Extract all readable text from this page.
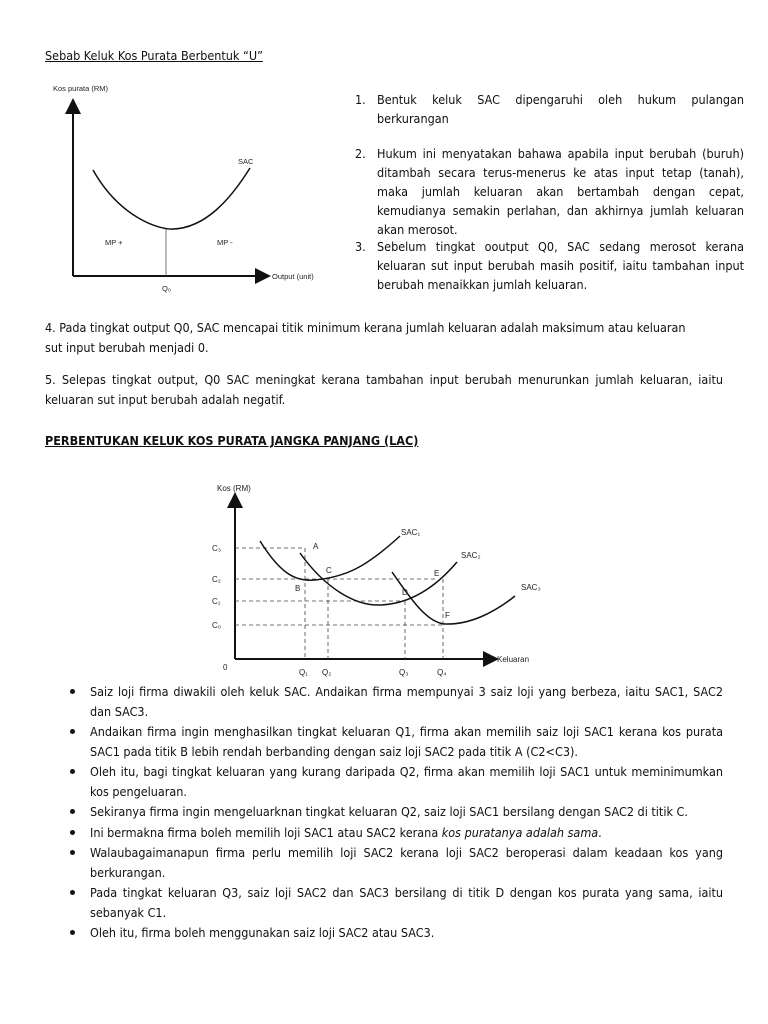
Sebab Keluk Kos Purata Berbentuk “U”
Kos purata (RM)
Output (unit)
SAC
MP +	MP -
Q₀
1. Bentuk keluk SAC dipengaruhi oleh hukum pulangan berkurangan
2. Hukum ini menyatakan bahawa apabila input berubah (buruh) ditambah secara terus-menerus ke atas input tetap (tanah), maka jumlah keluaran akan bertambah dengan cepat, kemudianya semakin perlahan, dan akhirnya jumlah keluaran akan merosot.
3. Sebelum tingkat ooutput Q0, SAC sedang merosot kerana keluaran sut input berubah masih positif, iaitu tambahan input berubah menaikkan jumlah keluaran.
4. Pada tingkat output Q0, SAC mencapai titik minimum kerana jumlah keluaran adalah maksimum atau keluaran sut input berubah menjadi 0.
5. Selepas tingkat output, Q0 SAC meningkat kerana tambahan input berubah menurunkan jumlah keluaran, iaitu keluaran sut input berubah adalah negatif.
PERBENTUKAN KELUK KOS PURATA JANGKA PANJANG (LAC)
Kos (RM)
Keluaran
0
SAC₁
SAC₂
SAC₃
C₃
C₂
C₁
C₀
Q₁ Q₂	Q₃	Q₄
A
B
C
D
E
F
Saiz loji firma diwakili oleh keluk SAC. Andaikan firma mempunyai 3 saiz loji yang berbeza, iaitu SAC1, SAC2 dan SAC3.
Andaikan firma ingin menghasilkan tingkat keluaran Q1, firma akan memilih saiz loji SAC1 kerana kos purata SAC1 pada titik B lebih rendah berbanding dengan saiz loji SAC2 pada titik A (C2<C3).
Oleh itu, bagi tingkat keluaran yang kurang daripada Q2, firma akan memilih loji SAC1 untuk meminimumkan kos pengeluaran.
Sekiranya firma ingin mengeluarknan tingkat keluaran Q2, saiz loji SAC1 bersilang dengan SAC2 di titik C.
Ini bermakna firma boleh memilih loji SAC1 atau SAC2 kerana kos puratanya adalah sama.
Walaubagaimanapun firma perlu memilih loji SAC2 kerana loji SAC2 beroperasi dalam keadaan kos yang berkurangan.
Pada tingkat keluaran Q3, saiz loji SAC2 dan SAC3 bersilang di titik D dengan kos purata yang sama, iaitu sebanyak C1.
Oleh itu, firma boleh menggunakan saiz loji SAC2 atau SAC3.
